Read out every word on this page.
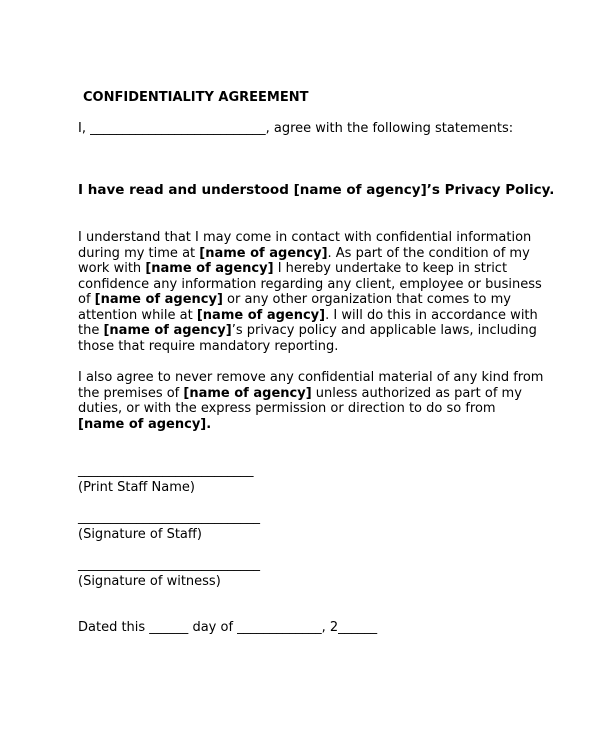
CONFIDENTIALITY AGREEMENT
I, ___________________________, agree with the following statements:
I have read and understood [name of agency]’s Privacy Policy.
I understand that I may come in contact with confidential information
during my time at [name of agency]. As part of the condition of my
work with [name of agency] I hereby undertake to keep in strict
confidence any information regarding any client, employee or business
of [name of agency] or any other organization that comes to my
attention while at [name of agency]. I will do this in accordance with
the [name of agency]’s privacy policy and applicable laws, including
those that require mandatory reporting.
I also agree to never remove any confidential material of any kind from
the premises of [name of agency] unless authorized as part of my
duties, or with the express permission or direction to do so from
[name of agency].
___________________________
(Print Staff Name)
____________________________
(Signature of Staff)
____________________________
(Signature of witness)
Dated this ______ day of _____________, 2______
